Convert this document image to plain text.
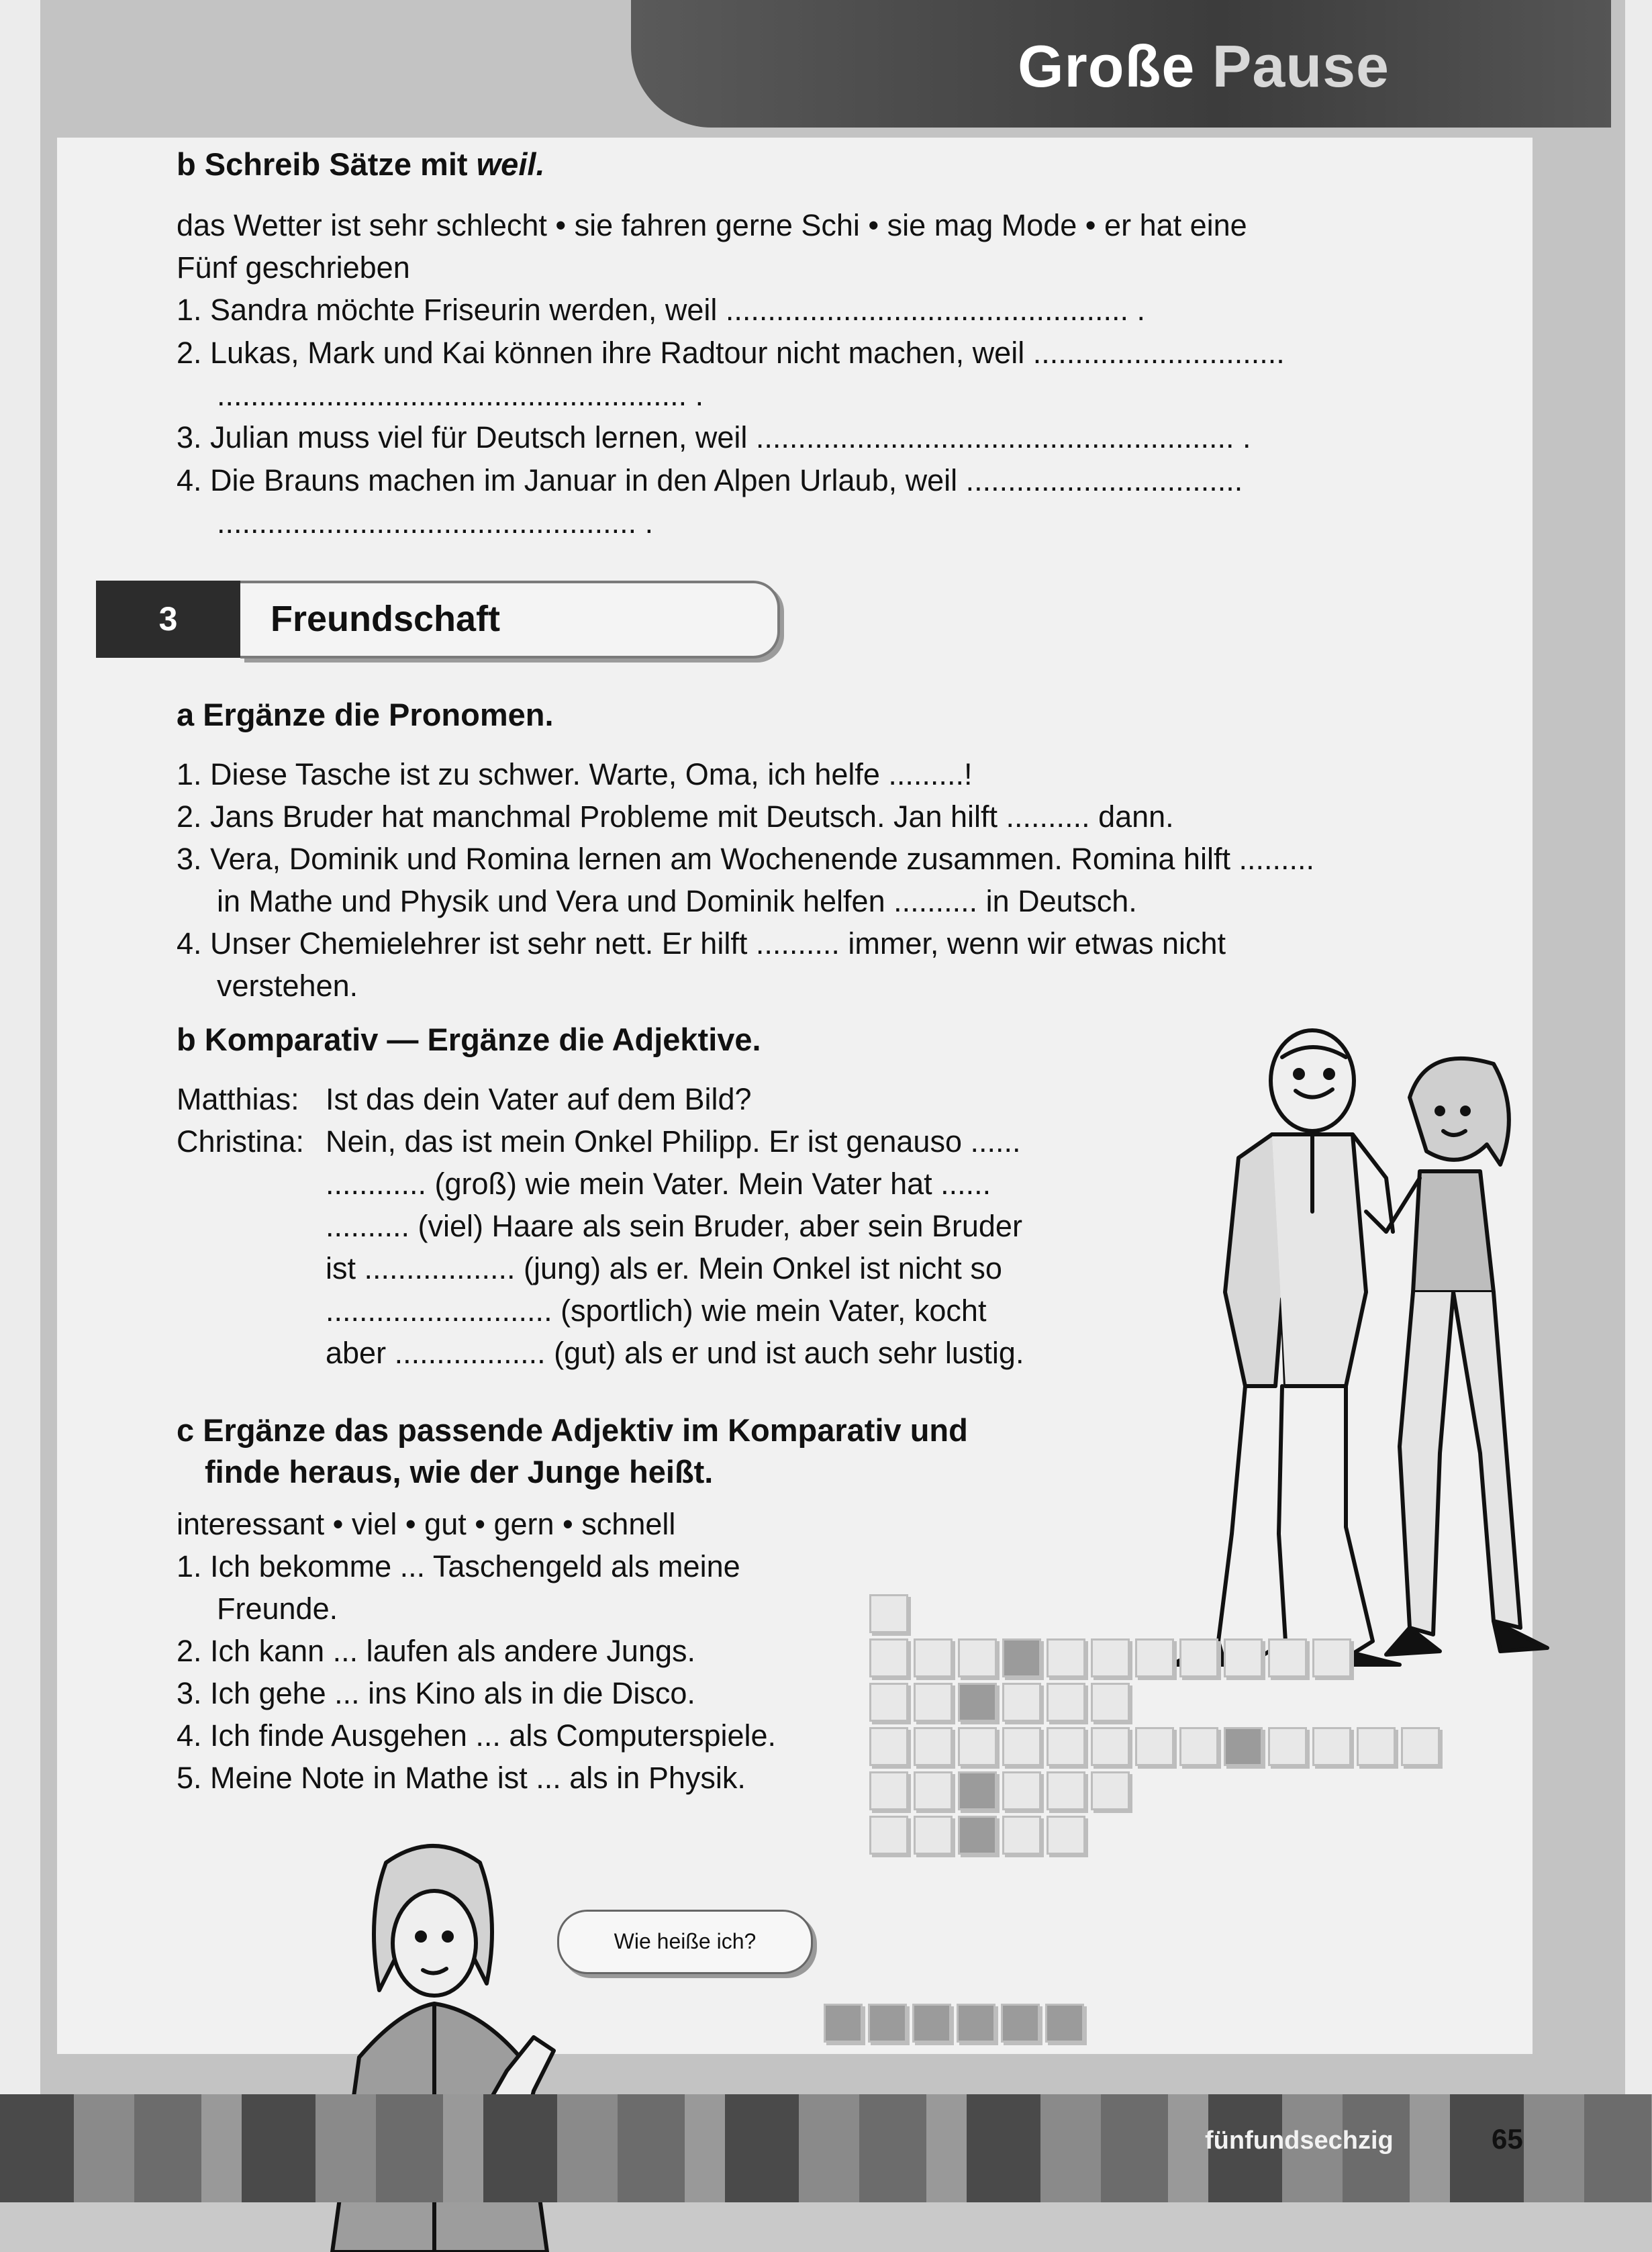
Große Pause
b Schreib Sätze mit weil.
das Wetter ist sehr schlecht • sie fahren gerne Schi • sie mag Mode • er hat eine
Fünf geschrieben
1. Sandra möchte Friseurin werden, weil ................................................ .
2. Lukas, Mark und Kai können ihre Radtour nicht machen, weil ..............................
........................................................ .
3. Julian muss viel für Deutsch lernen, weil ......................................................... .
4. Die Brauns machen im Januar in den Alpen Urlaub, weil .................................
.................................................. .
3	Freundschaft
a Ergänze die Pronomen.
1. Diese Tasche ist zu schwer. Warte, Oma, ich helfe .........!
2. Jans Bruder hat manchmal Probleme mit Deutsch. Jan hilft .......... dann.
3. Vera, Dominik und Romina lernen am Wochenende zusammen. Romina hilft .........
in Mathe und Physik und Vera und Dominik helfen .......... in Deutsch.
4. Unser Chemielehrer ist sehr nett. Er hilft .......... immer, wenn wir etwas nicht
verstehen.
b Komparativ — Ergänze die Adjektive.
Matthias: Ist das dein Vater auf dem Bild?
Christina: Nein, das ist mein Onkel Philipp. Er ist genauso ......
............ (groß) wie mein Vater. Mein Vater hat ......
.......... (viel) Haare als sein Bruder, aber sein Bruder
ist .................. (jung) als er. Mein Onkel ist nicht so
........................... (sportlich) wie mein Vater, kocht
aber .................. (gut) als er und ist auch sehr lustig.
c Ergänze das passende Adjektiv im Komparativ und
finde heraus, wie der Junge heißt.
interessant • viel • gut • gern • schnell
1. Ich bekomme ... Taschengeld als meine
Freunde.
2. Ich kann ... laufen als andere Jungs.
3. Ich gehe ... ins Kino als in die Disco.
4. Ich finde Ausgehen ... als Computerspiele.
5. Meine Note in Mathe ist ... als in Physik.
Wie heiße ich?
fünfundsechzig	65
